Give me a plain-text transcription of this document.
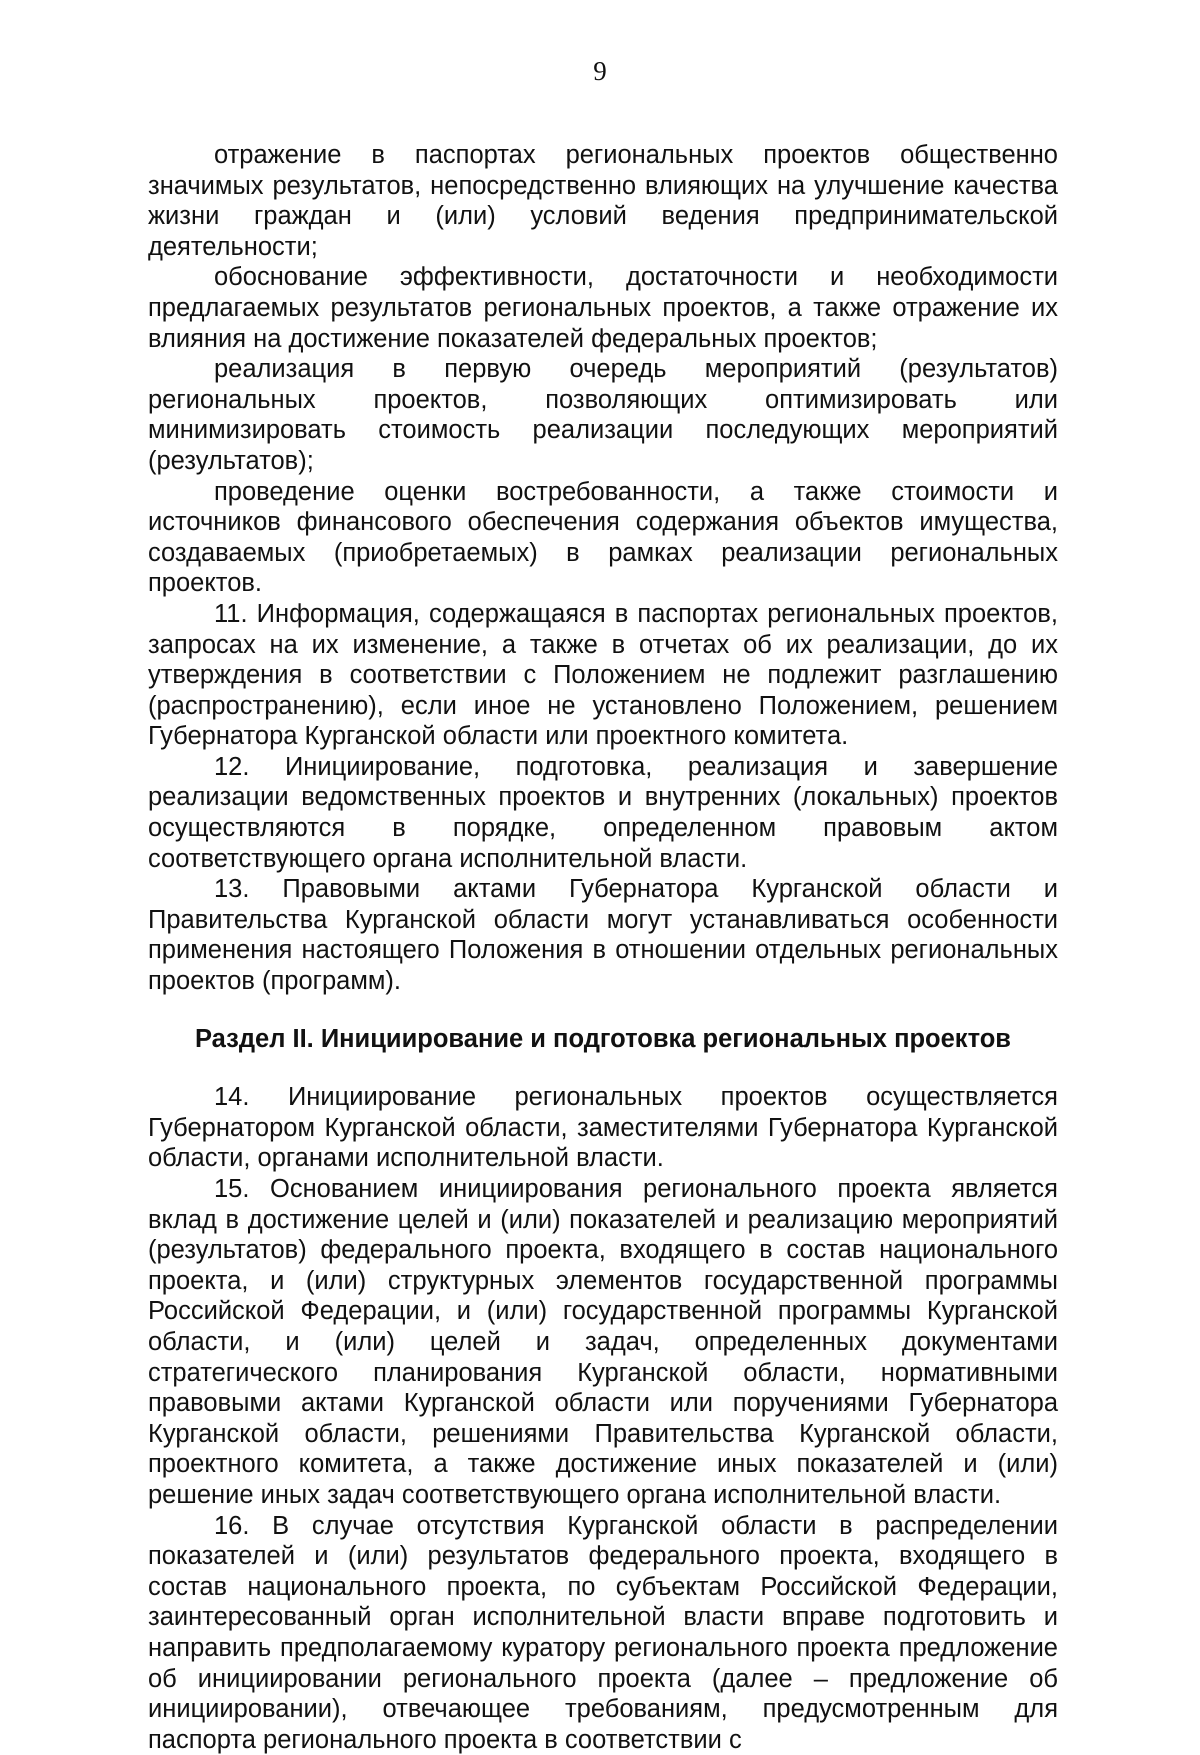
9

отражение в паспортах региональных проектов общественно значимых результатов, непосредственно влияющих на улучшение качества жизни граждан и (или) условий ведения предпринимательской деятельности;

обоснование эффективности, достаточности и необходимости предлагаемых результатов региональных проектов, а также отражение их влияния на достижение показателей федеральных проектов;

реализация в первую очередь мероприятий (результатов) региональных проектов, позволяющих оптимизировать или минимизировать стоимость реализации последующих мероприятий (результатов);

проведение оценки востребованности, а также стоимости и источников финансового обеспечения содержания объектов имущества, создаваемых (приобретаемых) в рамках реализации региональных проектов.

11. Информация, содержащаяся в паспортах региональных проектов, запросах на их изменение, а также в отчетах об их реализации, до их утверждения в соответствии с Положением не подлежит разглашению (распространению), если иное не установлено Положением, решением Губернатора Курганской области или проектного комитета.

12. Инициирование, подготовка, реализация и завершение реализации ведомственных проектов и внутренних (локальных) проектов осуществляются в порядке, определенном правовым актом соответствующего органа исполнительной власти.

13. Правовыми актами Губернатора Курганской области и Правительства Курганской области могут устанавливаться особенности применения настоящего Положения в отношении отдельных региональных проектов (программ).

Раздел II. Инициирование и подготовка региональных проектов

14. Инициирование региональных проектов осуществляется Губернатором Курганской области, заместителями Губернатора Курганской области, органами исполнительной власти.

15. Основанием инициирования регионального проекта является вклад в достижение целей и (или) показателей и реализацию мероприятий (результатов) федерального проекта, входящего в состав национального проекта, и (или) структурных элементов государственной программы Российской Федерации, и (или) государственной программы Курганской области, и (или) целей и задач, определенных документами стратегического планирования Курганской области, нормативными правовыми актами Курганской области или поручениями Губернатора Курганской области, решениями Правительства Курганской области, проектного комитета, а также достижение иных показателей и (или) решение иных задач соответствующего органа исполнительной власти.

16. В случае отсутствия Курганской области в распределении показателей и (или) результатов федерального проекта, входящего в состав национального проекта, по субъектам Российской Федерации, заинтересованный орган исполнительной власти вправе подготовить и направить предполагаемому куратору регионального проекта предложение об инициировании регионального проекта (далее – предложение об инициировании), отвечающее требованиям, предусмотренным для паспорта регионального проекта в соответствии с
